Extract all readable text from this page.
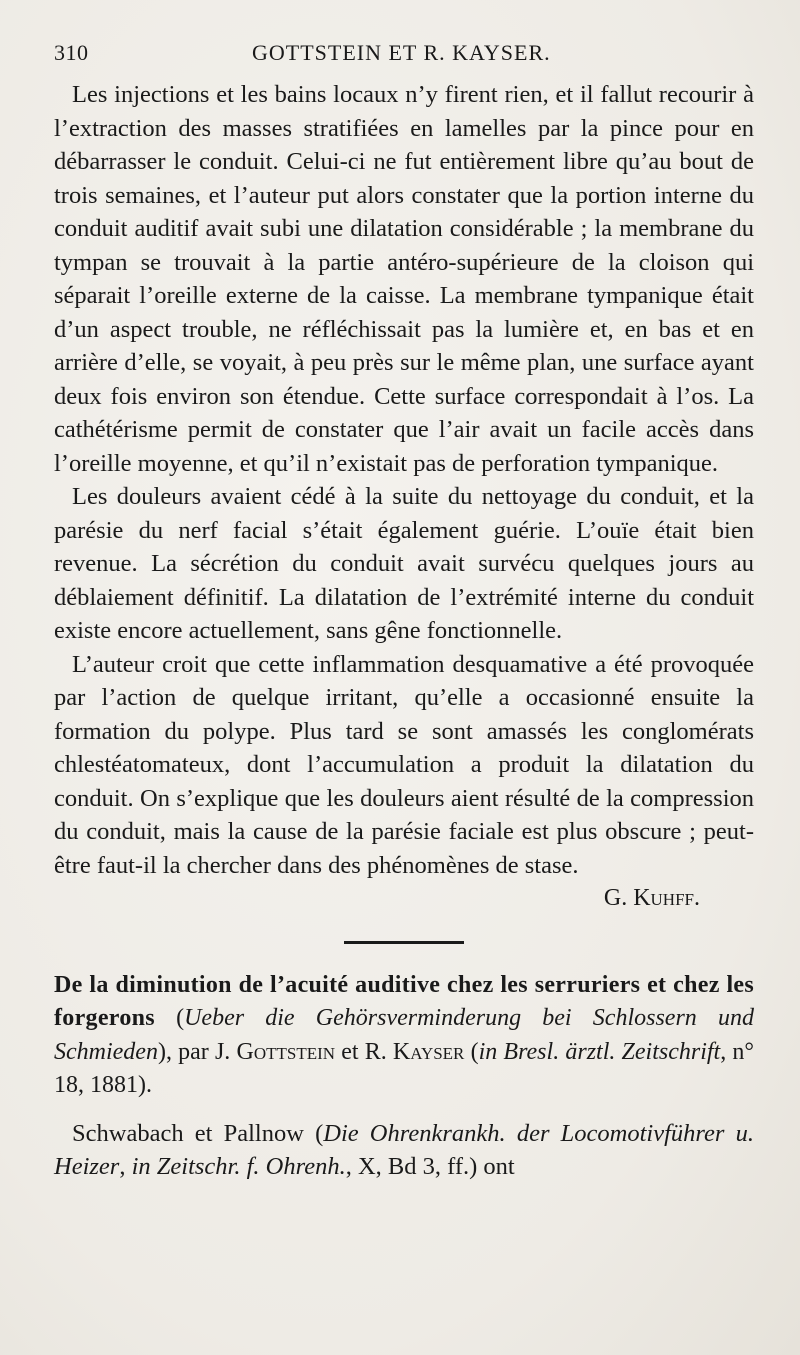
310	GOTTSTEIN ET R. KAYSER.

Les injections et les bains locaux n’y firent rien, et il fallut recourir à l’extraction des masses stratifiées en lamelles par la pince pour en débarrasser le conduit. Celui-ci ne fut entièrement libre qu’au bout de trois semaines, et l’auteur put alors constater que la portion interne du conduit auditif avait subi une dilatation considérable ; la membrane du tympan se trouvait à la partie antéro-supérieure de la cloison qui séparait l’oreille externe de la caisse. La membrane tympanique était d’un aspect trouble, ne réfléchissait pas la lumière et, en bas et en arrière d’elle, se voyait, à peu près sur le même plan, une surface ayant deux fois environ son étendue. Cette surface correspondait à l’os. La cathétérisme permit de constater que l’air avait un facile accès dans l’oreille moyenne, et qu’il n’existait pas de perforation tympanique.

Les douleurs avaient cédé à la suite du nettoyage du conduit, et la parésie du nerf facial s’était également guérie. L’ouïe était bien revenue. La sécrétion du conduit avait survécu quelques jours au déblaiement définitif. La dilatation de l’extrémité interne du conduit existe encore actuellement, sans gêne fonctionnelle.

L’auteur croit que cette inflammation desquamative a été provoquée par l’action de quelque irritant, qu’elle a occasionné ensuite la formation du polype. Plus tard se sont amassés les conglomérats chlestéatomateux, dont l’accumulation a produit la dilatation du conduit. On s’explique que les douleurs aient résulté de la compression du conduit, mais la cause de la parésie faciale est plus obscure ; peut-être faut-il la chercher dans des phénomènes de stase.

G. Kuhff.

De la diminution de l’acuité auditive chez les serruriers et chez les forgerons (Ueber die Gehörsverminderung bei Schlossern und Schmieden), par J. Gottstein et R. Kayser (in Bresl. ärztl. Zeitschrift, n° 18, 1881).

Schwabach et Pallnow (Die Ohrenkrankh. der Locomotivführer u. Heizer, in Zeitschr. f. Ohrenh., X, Bd 3, ff.) ont
